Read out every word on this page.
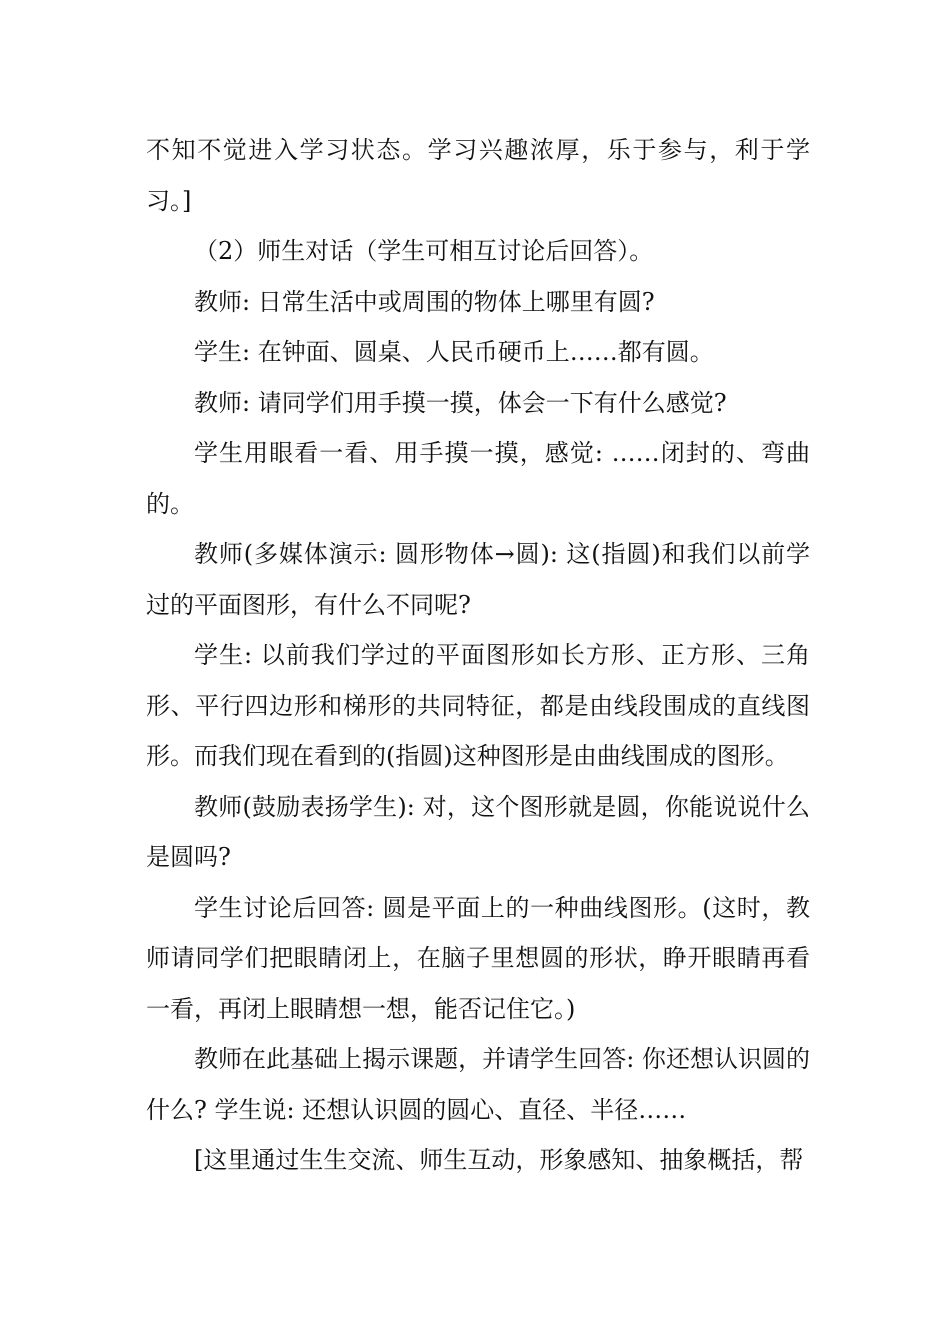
不知不觉进入学习状态。学习兴趣浓厚，乐于参与，利于学习。]

（2）师生对话（学生可相互讨论后回答）。

教师: 日常生活中或周围的物体上哪里有圆?

学生: 在钟面、圆桌、人民币硬币上……都有圆。

教师: 请同学们用手摸一摸，体会一下有什么感觉?

学生用眼看一看、用手摸一摸，感觉: ……闭封的、弯曲的。

教师(多媒体演示: 圆形物体→圆): 这(指圆)和我们以前学过的平面图形，有什么不同呢?

学生: 以前我们学过的平面图形如长方形、正方形、三角形、平行四边形和梯形的共同特征，都是由线段围成的直线图形。而我们现在看到的(指圆)这种图形是由曲线围成的图形。

教师(鼓励表扬学生): 对，这个图形就是圆，你能说说什么是圆吗?

学生讨论后回答: 圆是平面上的一种曲线图形。(这时，教师请同学们把眼睛闭上，在脑子里想圆的形状，睁开眼睛再看一看，再闭上眼睛想一想，能否记住它。)

教师在此基础上揭示课题，并请学生回答: 你还想认识圆的什么? 学生说: 还想认识圆的圆心、直径、半径……

[这里通过生生交流、师生互动，形象感知、抽象概括，帮
